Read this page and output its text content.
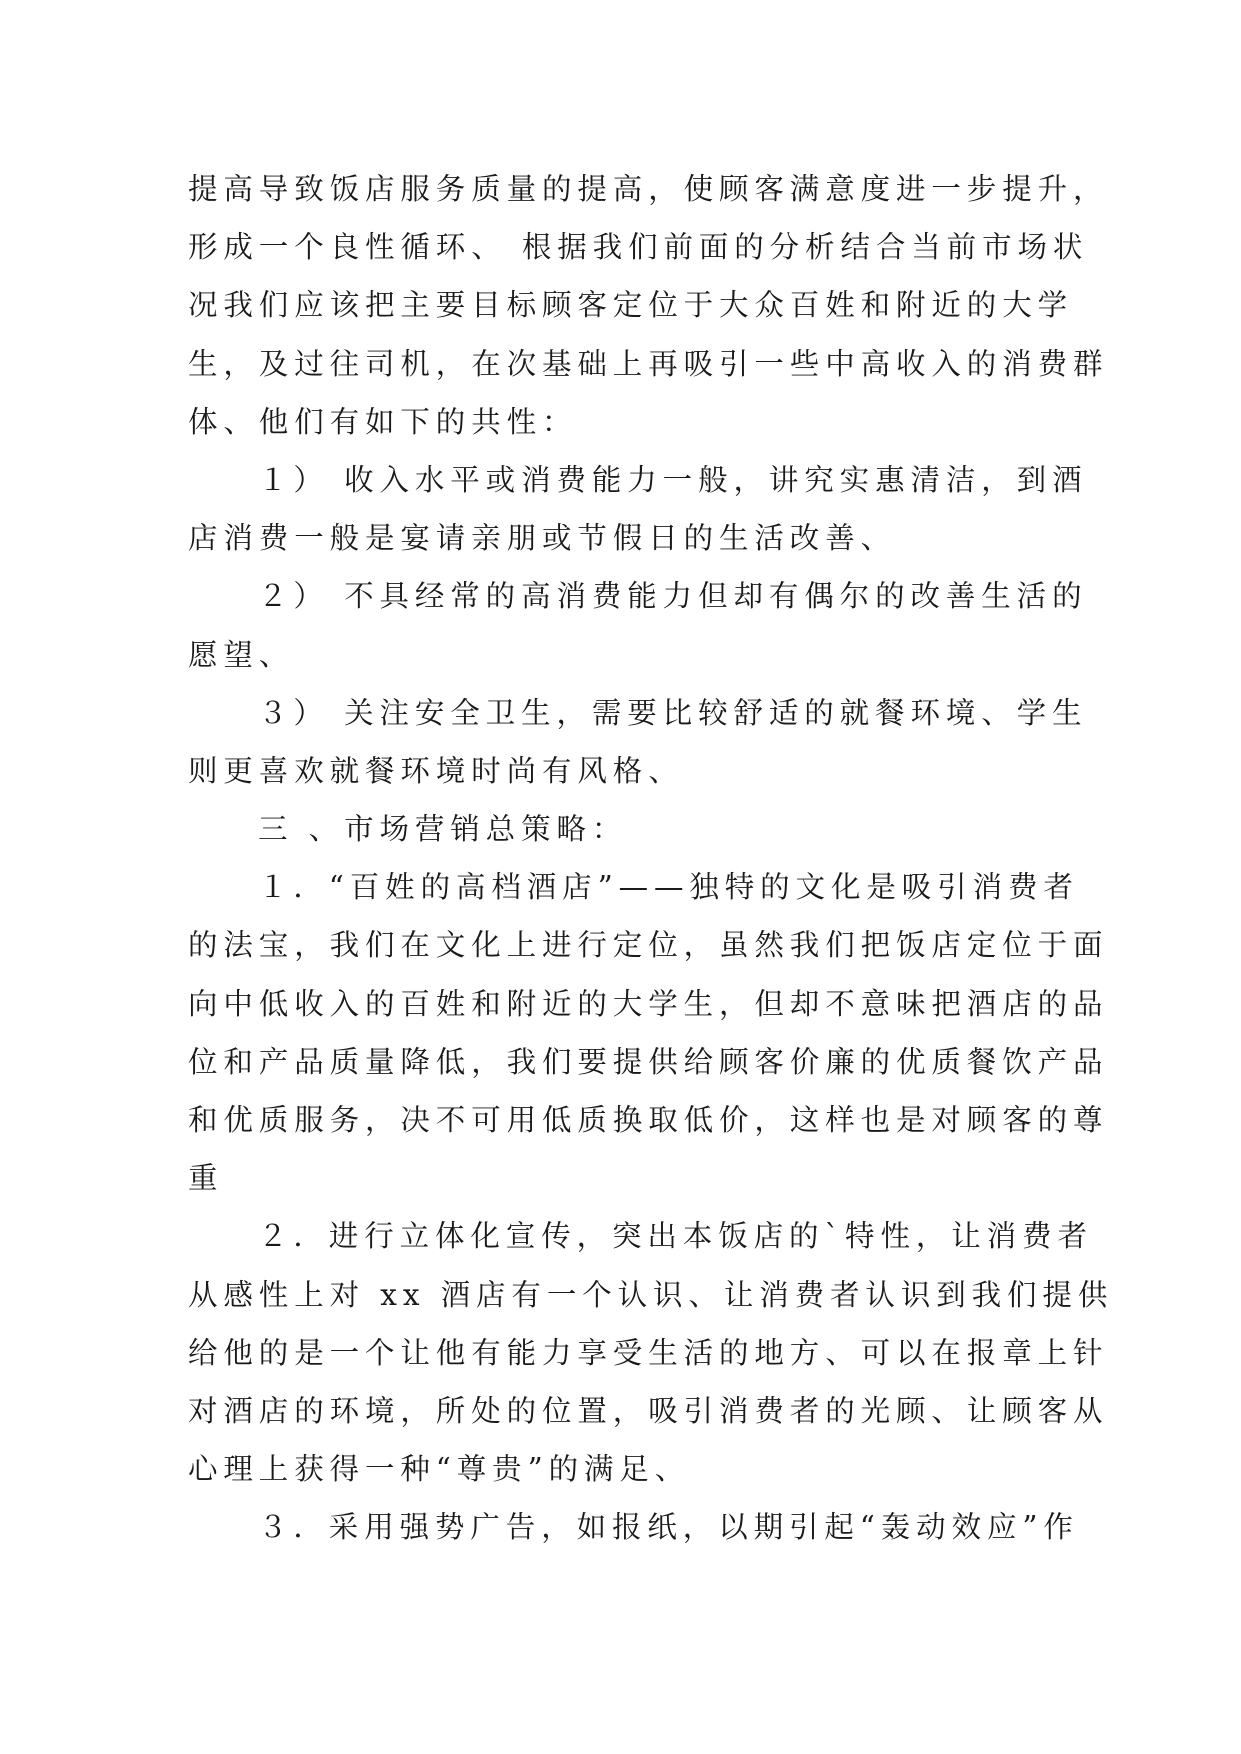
提高导致饭店服务质量的提高，使顾客满意度进一步提升，
形成一个良性循环、 根据我们前面的分析结合当前市场状
况我们应该把主要目标顾客定位于大众百姓和附近的大学
生，及过往司机，在次基础上再吸引一些中高收入的消费群
体、他们有如下的共性：
１） 收入水平或消费能力一般，讲究实惠清洁，到酒
店消费一般是宴请亲朋或节假日的生活改善、
２） 不具经常的高消费能力但却有偶尔的改善生活的
愿望、
３） 关注安全卫生，需要比较舒适的就餐环境、学生
则更喜欢就餐环境时尚有风格、
三 、市场营销总策略：
１．“百姓的高档酒店”——独特的文化是吸引消费者
的法宝，我们在文化上进行定位，虽然我们把饭店定位于面
向中低收入的百姓和附近的大学生，但却不意味把酒店的品
位和产品质量降低，我们要提供给顾客价廉的优质餐饮产品
和优质服务，决不可用低质换取低价，这样也是对顾客的尊
重
２．进行立体化宣传，突出本饭店的`特性，让消费者
从感性上对 xx 酒店有一个认识、让消费者认识到我们提供
给他的是一个让他有能力享受生活的地方、可以在报章上针
对酒店的环境，所处的位置，吸引消费者的光顾、让顾客从
心理上获得一种“尊贵”的满足、
３．采用强势广告，如报纸，以期引起“轰动效应”作
